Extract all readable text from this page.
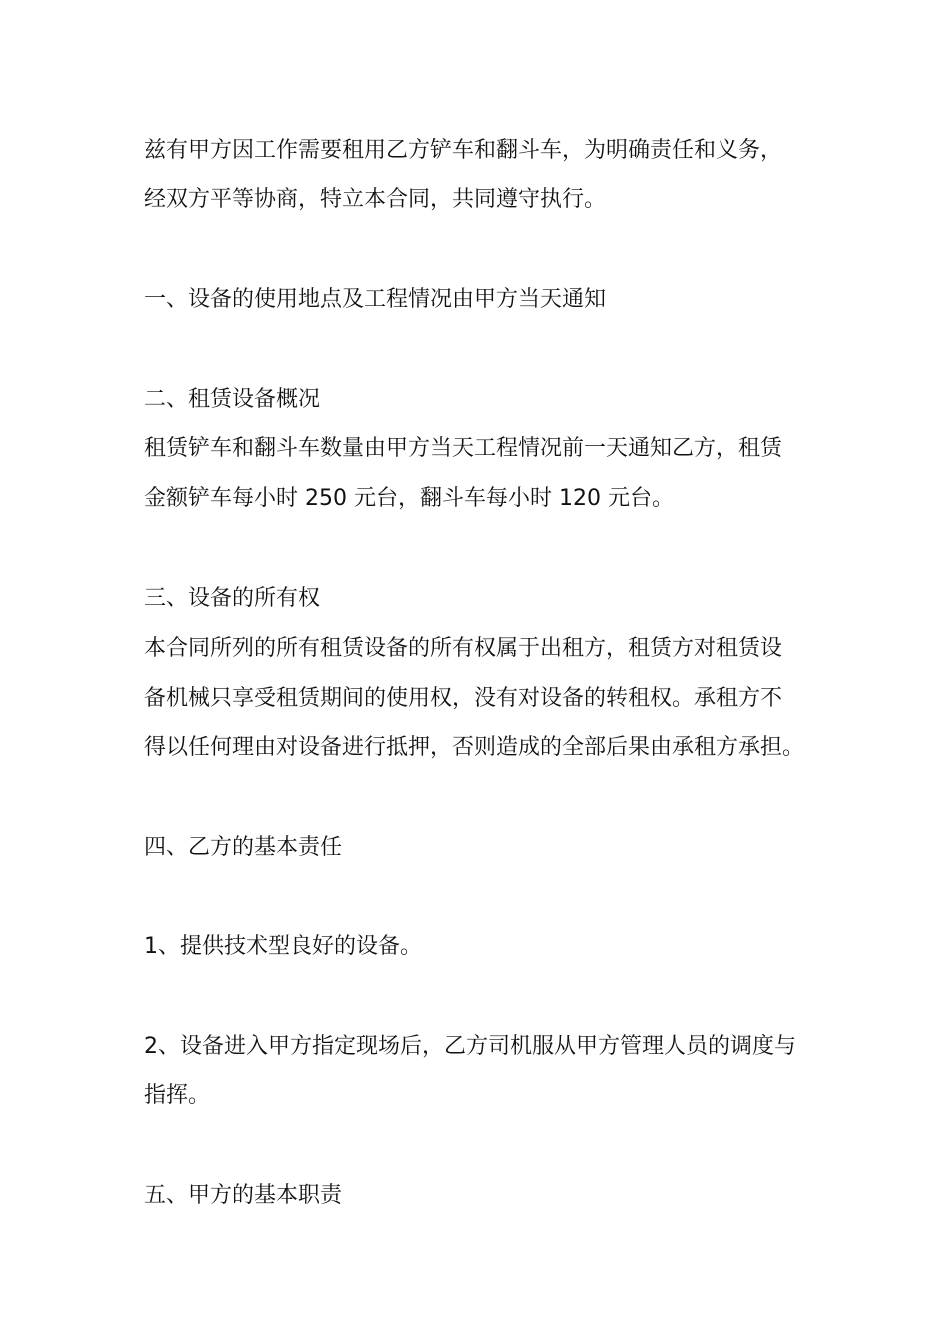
兹有甲方因工作需要租用乙方铲车和翻斗车，为明确责任和义务，
经双方平等协商，特立本合同，共同遵守执行。
一、设备的使用地点及工程情况由甲方当天通知
二、租赁设备概况
租赁铲车和翻斗车数量由甲方当天工程情况前一天通知乙方，租赁
金额铲车每小时 250 元台，翻斗车每小时 120 元台。
三、设备的所有权
本合同所列的所有租赁设备的所有权属于出租方，租赁方对租赁设
备机械只享受租赁期间的使用权，没有对设备的转租权。承租方不
得以任何理由对设备进行抵押，否则造成的全部后果由承租方承担。
四、乙方的基本责任
1、提供技术型良好的设备。
2、设备进入甲方指定现场后，乙方司机服从甲方管理人员的调度与
指挥。
五、甲方的基本职责
